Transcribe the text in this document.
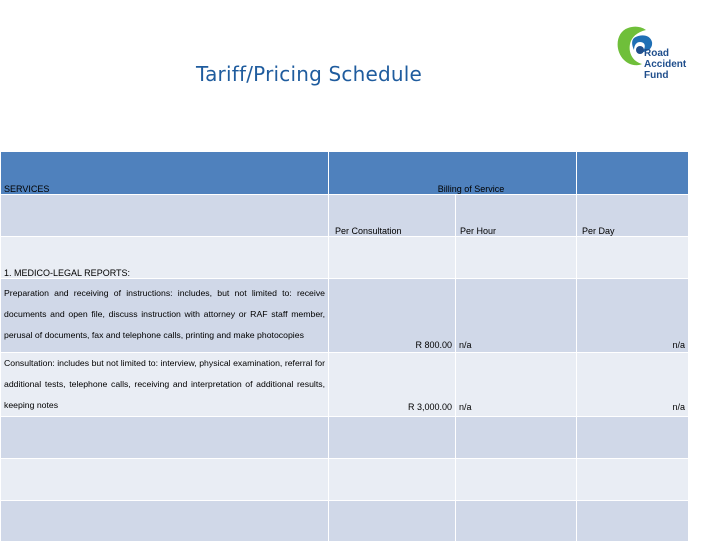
Tariff/Pricing Schedule
Road
Accident
Fund
SERVICES	Billing of Service		
	Per Consultation	Per Hour	Per Day
1. MEDICO-LEGAL REPORTS:			
Preparation and receiving of instructions: includes, but not limited to: receive documents and open file, discuss instruction with attorney or RAF staff member, perusal of documents, fax and telephone calls, printing and make photocopies	R 800.00	n/a	n/a
Consultation: includes but not limited to: interview, physical examination, referral for additional tests, telephone calls, receiving and interpretation of additional results, keeping notes	R 3,000.00	n/a	n/a
